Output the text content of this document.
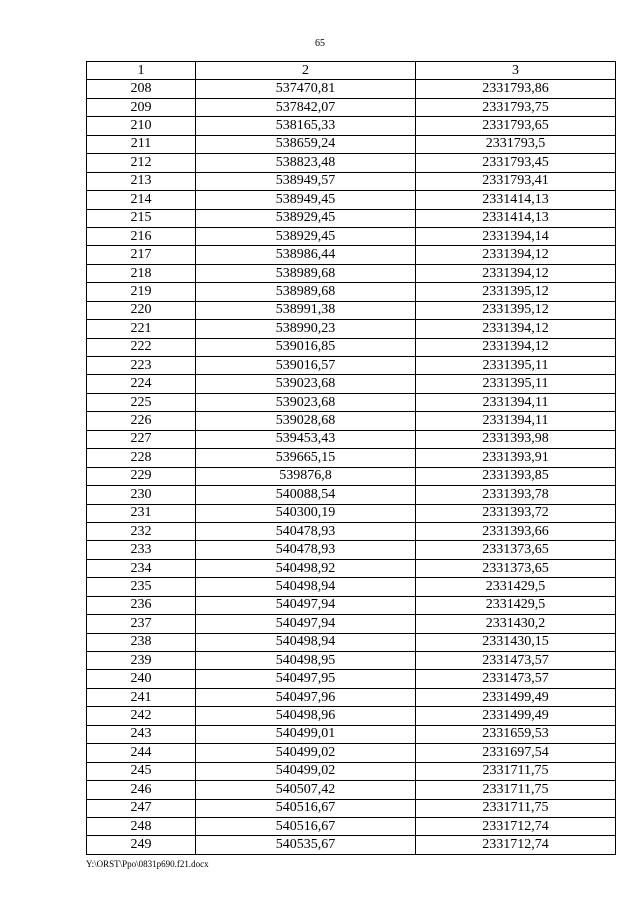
65
1	2	3
208	537470,81	2331793,86
209	537842,07	2331793,75
210	538165,33	2331793,65
211	538659,24	2331793,5
212	538823,48	2331793,45
213	538949,57	2331793,41
214	538949,45	2331414,13
215	538929,45	2331414,13
216	538929,45	2331394,14
217	538986,44	2331394,12
218	538989,68	2331394,12
219	538989,68	2331395,12
220	538991,38	2331395,12
221	538990,23	2331394,12
222	539016,85	2331394,12
223	539016,57	2331395,11
224	539023,68	2331395,11
225	539023,68	2331394,11
226	539028,68	2331394,11
227	539453,43	2331393,98
228	539665,15	2331393,91
229	539876,8	2331393,85
230	540088,54	2331393,78
231	540300,19	2331393,72
232	540478,93	2331393,66
233	540478,93	2331373,65
234	540498,92	2331373,65
235	540498,94	2331429,5
236	540497,94	2331429,5
237	540497,94	2331430,2
238	540498,94	2331430,15
239	540498,95	2331473,57
240	540497,95	2331473,57
241	540497,96	2331499,49
242	540498,96	2331499,49
243	540499,01	2331659,53
244	540499,02	2331697,54
245	540499,02	2331711,75
246	540507,42	2331711,75
247	540516,67	2331711,75
248	540516,67	2331712,74
249	540535,67	2331712,74
Y:\ORST\Ppo\0831p690.f21.docx
